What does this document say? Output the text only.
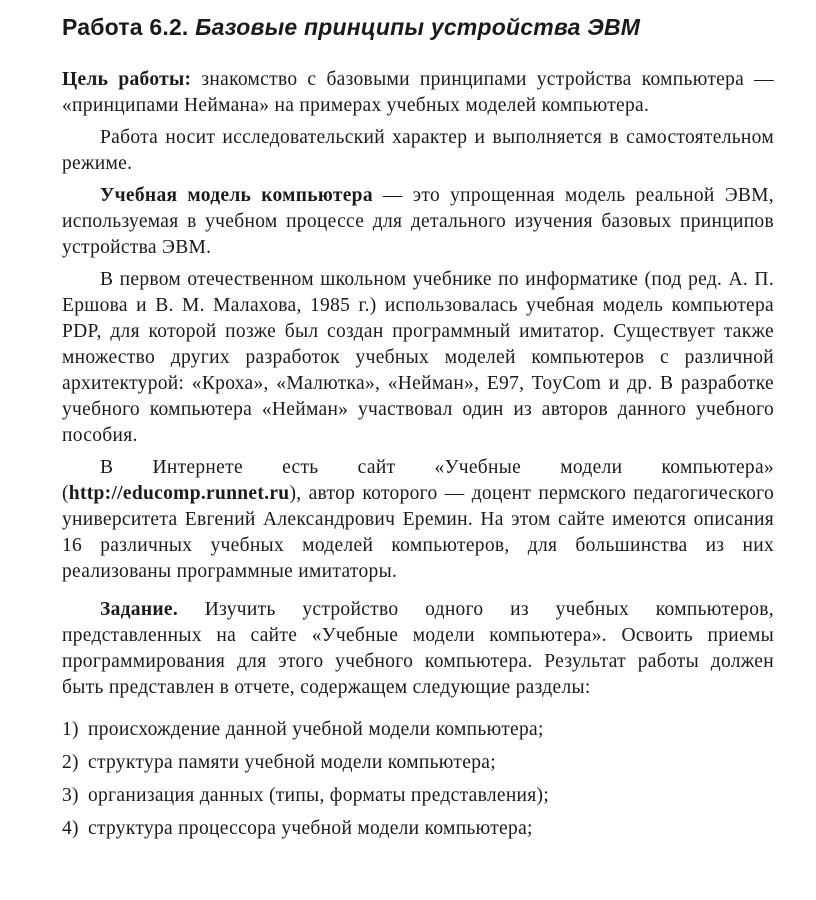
Работа 6.2. Базовые принципы устройства ЭВМ

Цель работы: знакомство с базовыми принципами устройства компьютера — «принципами Неймана» на примерах учебных моделей компьютера.

Работа носит исследовательский характер и выполняется в самостоятельном режиме.

Учебная модель компьютера — это упрощенная модель реальной ЭВМ, используемая в учебном процессе для детального изучения базовых принципов устройства ЭВМ.

В первом отечественном школьном учебнике по информатике (под ред. А. П. Ершова и В. М. Малахова, 1985 г.) использовалась учебная модель компьютера PDP, для которой позже был создан программный имитатор. Существует также множество других разработок учебных моделей компьютеров с различной архитектурой: «Кроха», «Малютка», «Нейман», E97, ToyCom и др. В разработке учебного компьютера «Нейман» участвовал один из авторов данного учебного пособия.

В Интернете есть сайт «Учебные модели компьютера» (http://educomp.runnet.ru), автор которого — доцент пермского педагогического университета Евгений Александрович Еремин. На этом сайте имеются описания 16 различных учебных моделей компьютеров, для большинства из них реализованы программные имитаторы.

Задание. Изучить устройство одного из учебных компьютеров, представленных на сайте «Учебные модели компьютера». Освоить приемы программирования для этого учебного компьютера. Результат работы должен быть представлен в отчете, содержащем следующие разделы:

1) происхождение данной учебной модели компьютера;
2) структура памяти учебной модели компьютера;
3) организация данных (типы, форматы представления);
4) структура процессора учебной модели компьютера;
